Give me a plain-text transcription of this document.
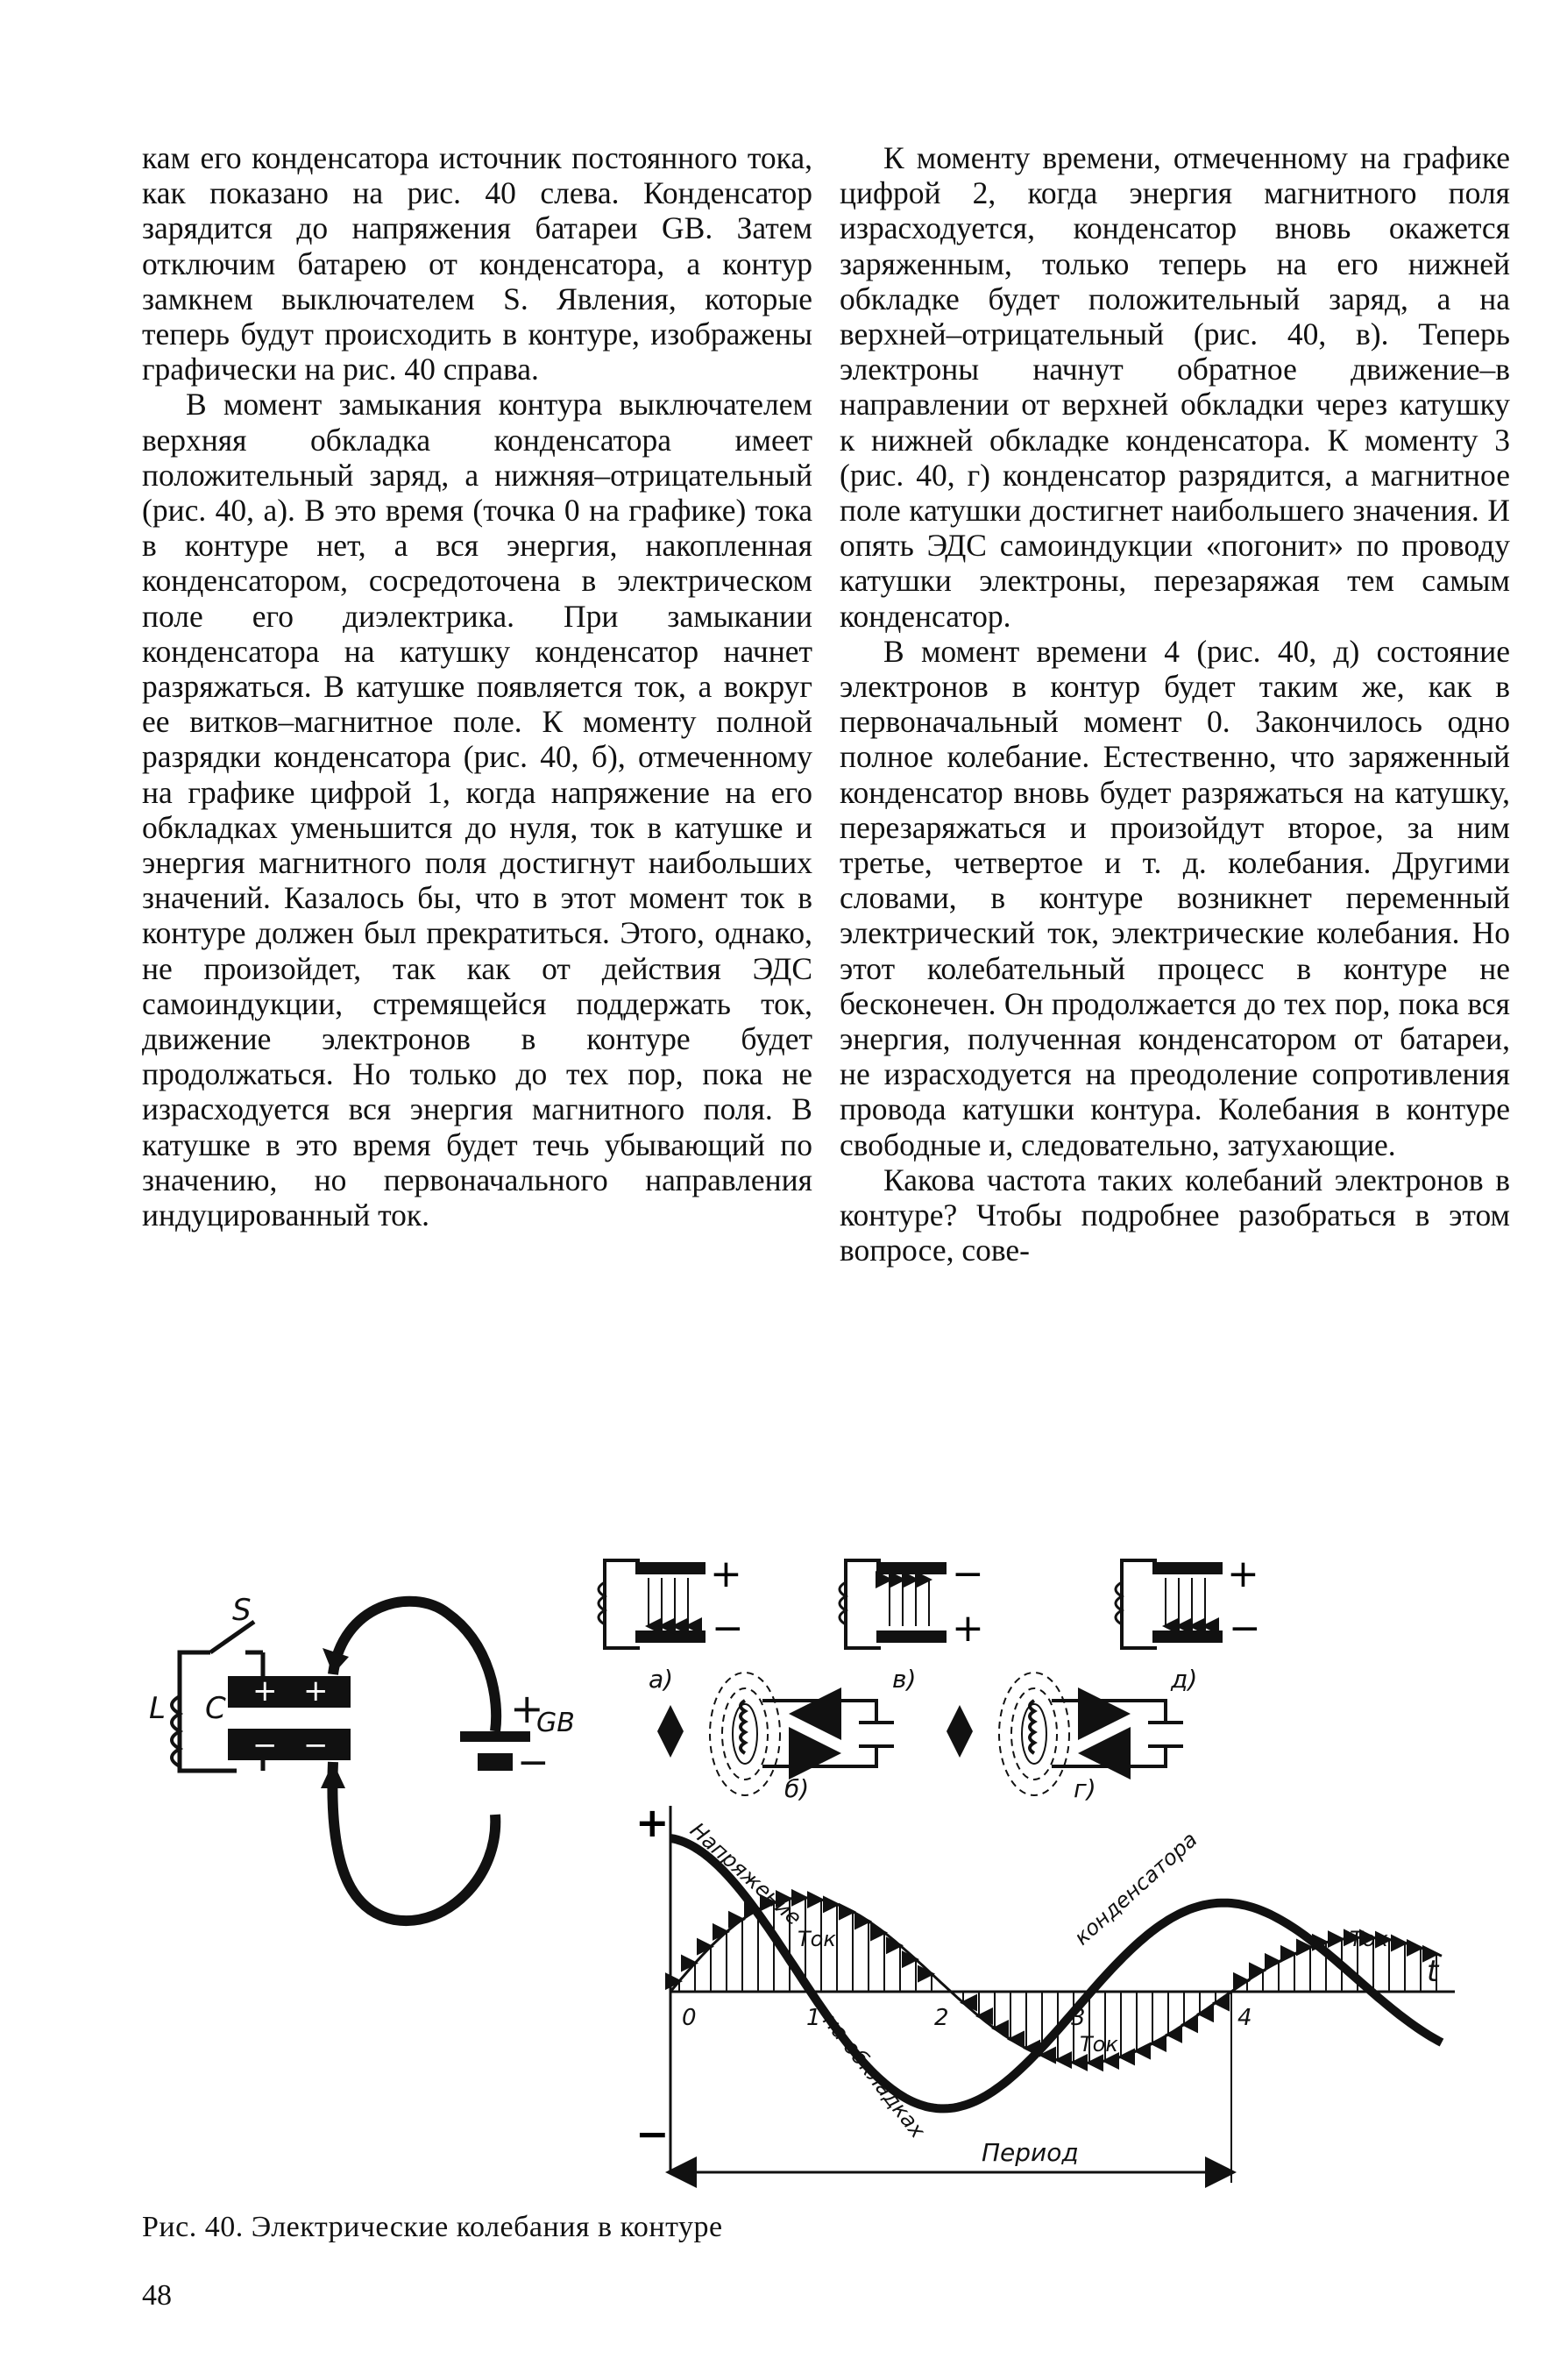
кам его конденсатора источник постоянного тока, как показано на рис. 40 слева. Конденсатор зарядится до напряжения батареи GB. Затем отключим батарею от конденсатора, а контур замкнем выключателем S. Явления, которые теперь будут происходить в контуре, изображены графически на рис. 40 справа.

В момент замыкания контура выключателем верхняя обкладка конденсатора имеет положительный заряд, а нижняя–отрицательный (рис. 40, а). В это время (точка 0 на графике) тока в контуре нет, а вся энергия, накопленная конденсатором, сосредоточена в электрическом поле его диэлектрика. При замыкании конденсатора на катушку конденсатор начнет разряжаться. В катушке появляется ток, а вокруг ее витков–магнитное поле. К моменту полной разрядки конденсатора (рис. 40, б), отмеченному на графике цифрой 1, когда напряжение на его обкладках уменьшится до нуля, ток в катушке и энергия магнитного поля достигнут наибольших значений. Казалось бы, что в этот момент ток в контуре должен был прекратиться. Этого, однако, не произойдет, так как от действия ЭДС самоиндукции, стремящейся поддержать ток, движение электронов в контуре будет продолжаться. Но только до тех пор, пока не израсходуется вся энергия магнитного поля. В катушке в это время будет течь убывающий по значению, но первоначального направления индуцированный ток.

К моменту времени, отмеченному на графике цифрой 2, когда энергия магнитного поля израсходуется, конденсатор вновь окажется заряженным, только теперь на его нижней обкладке будет положительный заряд, а на верхней–отрицательный (рис. 40, в). Теперь электроны начнут обратное движение–в направлении от верхней обкладки через катушку к нижней обкладке конденсатора. К моменту 3 (рис. 40, г) конденсатор разрядится, а магнитное поле катушки достигнет наибольшего значения. И опять ЭДС самоиндукции «погонит» по проводу катушки электроны, перезаряжая тем самым конденсатор.

В момент времени 4 (рис. 40, д) состояние электронов в контур будет таким же, как в первоначальный момент 0. Закончилось одно полное колебание. Естественно, что заряженный конденсатор вновь будет разряжаться на катушку, перезаряжаться и произойдут второе, за ним третье, четвертое и т. д. колебания. Другими словами, в контуре возникнет переменный электрический ток, электрические колебания. Но этот колебательный процесс в контуре не бесконечен. Он продолжается до тех пор, пока вся энергия, полученная конденсатором от батареи, не израсходуется на преодоление сопротивления провода катушки контура. Колебания в контуре свободные и, следовательно, затухающие.

Какова частота таких колебаний электронов в контуре? Чтобы подробнее разобраться в этом вопросе, сове-

+ +
− −
+
−
S
L C	GB
+
−
а)
−
+
в)
+
−
д)
б)	г)
+
−
t
Напряжение
на обкладках
конденсатора
Ток
Ток
Ток
0	1	2	3	4
Период
Рис. 40. Электрические колебания в контуре
48
